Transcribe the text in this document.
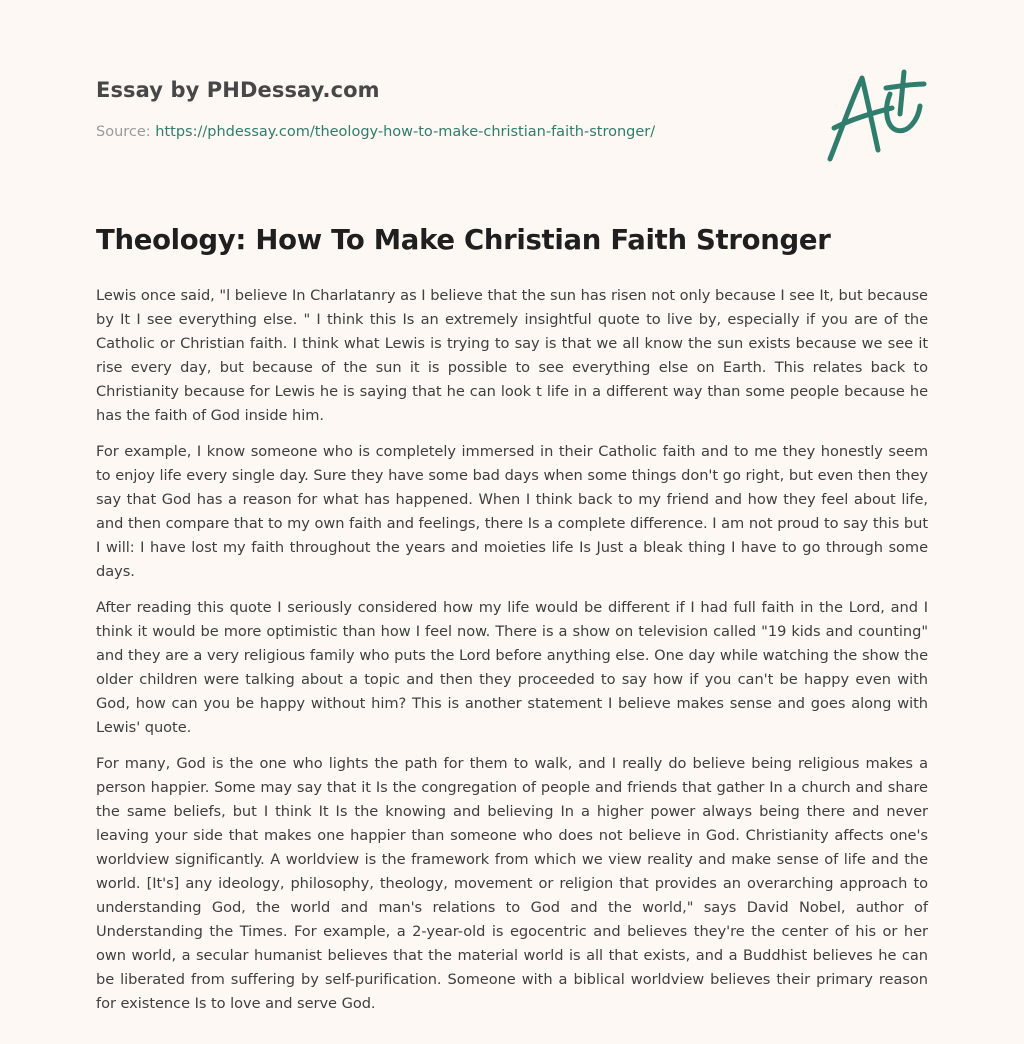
Essay by PHDessay.com
Source: https://phdessay.com/theology-how-to-make-christian-faith-stronger/
Theology: How To Make Christian Faith Stronger

Lewis once said, "l believe In Charlatanry as I believe that the sun has risen not only because I see It, but because by It I see everything else. " I think this Is an extremely insightful quote to live by, especially if you are of the Catholic or Christian faith. I think what Lewis is trying to say is that we all know the sun exists because we see it rise every day, but because of the sun it is possible to see everything else on Earth. This relates back to Christianity because for Lewis he is saying that he can look t life in a different way than some people because he has the faith of God inside him.

For example, I know someone who is completely immersed in their Catholic faith and to me they honestly seem to enjoy life every single day. Sure they have some bad days when some things don't go right, but even then they say that God has a reason for what has happened. When I think back to my friend and how they feel about life, and then compare that to my own faith and feelings, there Is a complete difference. I am not proud to say this but I will: I have lost my faith throughout the years and moieties life Is Just a bleak thing I have to go through some days.

After reading this quote I seriously considered how my life would be different if I had full faith in the Lord, and I think it would be more optimistic than how I feel now. There is a show on television called "19 kids and counting" and they are a very religious family who puts the Lord before anything else. One day while watching the show the older children were talking about a topic and then they proceeded to say how if you can't be happy even with God, how can you be happy without him? This is another statement I believe makes sense and goes along with Lewis' quote.

For many, God is the one who lights the path for them to walk, and I really do believe being religious makes a person happier. Some may say that it Is the congregation of people and friends that gather In a church and share the same beliefs, but I think It Is the knowing and believing In a higher power always being there and never leaving your side that makes one happier than someone who does not believe in God. Christianity affects one's worldview significantly. A worldview is the framework from which we view reality and make sense of life and the world. [It's] any ideology, philosophy, theology, movement or religion that provides an overarching approach to understanding God, the world and man's relations to God and the world," says David Nobel, author of Understanding the Times. For example, a 2-year-old is egocentric and believes they're the center of his or her own world, a secular humanist believes that the material world is all that exists, and a Buddhist believes he can be liberated from suffering by self-purification. Someone with a biblical worldview believes their primary reason for existence Is to love and serve God.
